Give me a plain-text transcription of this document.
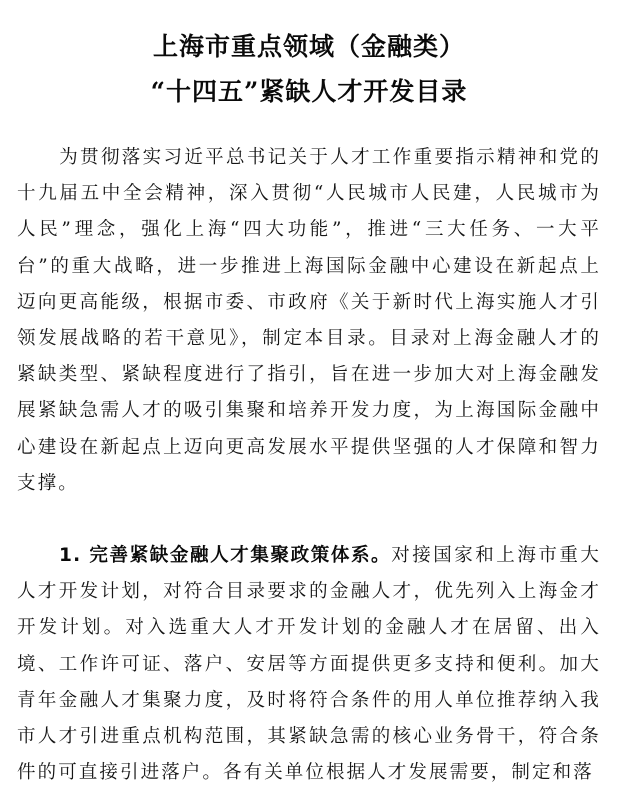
上海市重点领域（金融类）
“十四五”紧缺人才开发目录

为贯彻落实习近平总书记关于人才工作重要指示精神和党的十九届五中全会精神，深入贯彻“人民城市人民建，人民城市为人民”理念，强化上海“四大功能”，推进“三大任务、一大平台”的重大战略，进一步推进上海国际金融中心建设在新起点上迈向更高能级，根据市委、市政府《关于新时代上海实施人才引领发展战略的若干意见》，制定本目录。目录对上海金融人才的紧缺类型、紧缺程度进行了指引，旨在进一步加大对上海金融发展紧缺急需人才的吸引集聚和培养开发力度，为上海国际金融中心建设在新起点上迈向更高发展水平提供坚强的人才保障和智力支撑。

1. 完善紧缺金融人才集聚政策体系。对接国家和上海市重大人才开发计划，对符合目录要求的金融人才，优先列入上海金才开发计划。对入选重大人才开发计划的金融人才在居留、出入境、工作许可证、落户、安居等方面提供更多支持和便利。加大青年金融人才集聚力度，及时将符合条件的用人单位推荐纳入我市人才引进重点机构范围，其紧缺急需的核心业务骨干，符合条件的可直接引进落户。各有关单位根据人才发展需要，制定和落
